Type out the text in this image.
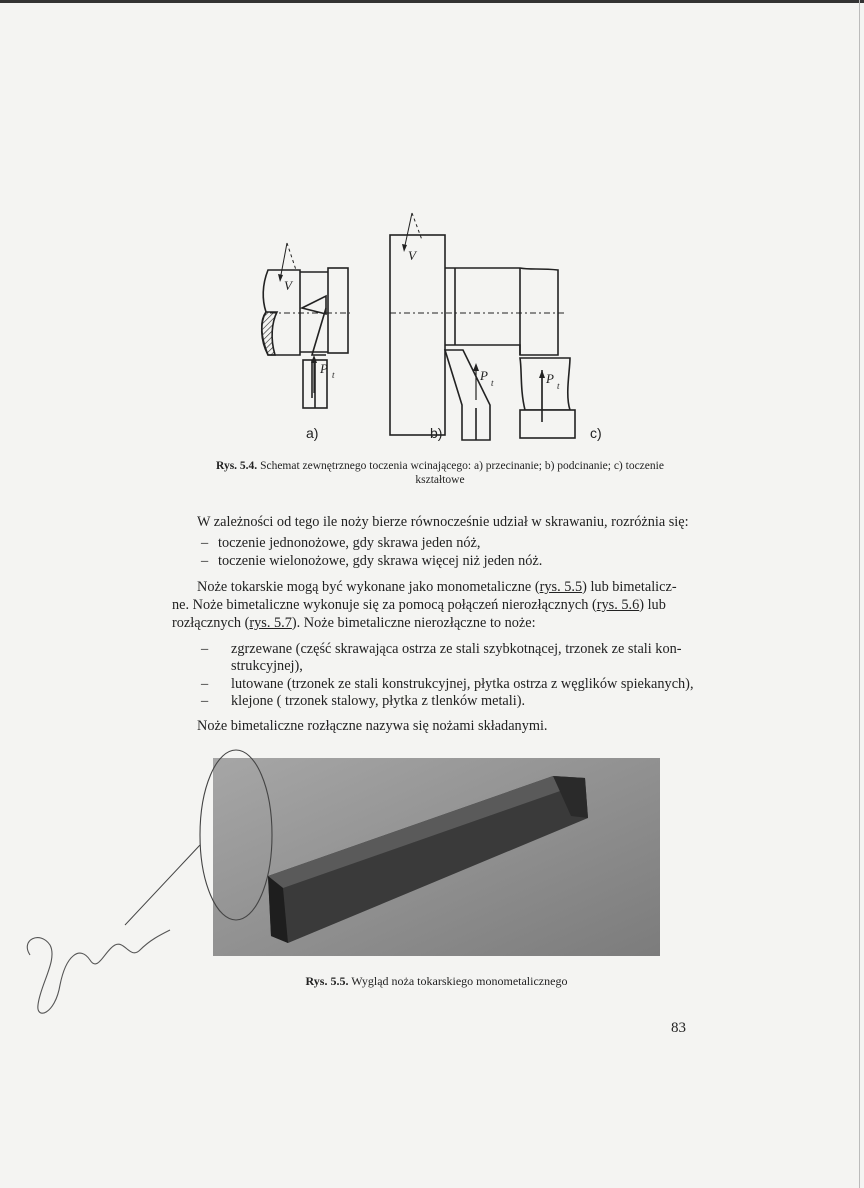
V
V
P t	P t	P t
a)	b)	c)
Rys. 5.4. Schemat zewnętrznego toczenia wcinającego: a) przecinanie; b) podcinanie; c) toczenie
kształtowe
W zależności od tego ile noży bierze równocześnie udział w skrawaniu, rozróżnia się:
– toczenie jednonożowe, gdy skrawa jeden nóż,
– toczenie wielonożowe, gdy skrawa więcej niż jeden nóż.
Noże tokarskie mogą być wykonane jako monometaliczne (rys. 5.5) lub bimetalicz-
ne. Noże bimetaliczne wykonuje się za pomocą połączeń nierozłącznych (rys. 5.6) lub
rozłącznych (rys. 5.7). Noże bimetaliczne nierozłączne to noże:
– zgrzewane (część skrawająca ostrza ze stali szybkotnącej, trzonek ze stali kon-
strukcyjnej),
– lutowane (trzonek ze stali konstrukcyjnej, płytka ostrza z węglików spiekanych),
– klejone ( trzonek stalowy, płytka z tlenków metali).
Noże bimetaliczne rozłączne nazywa się nożami składanymi.
Rys. 5.5. Wygląd noża tokarskiego monometalicznego
83
